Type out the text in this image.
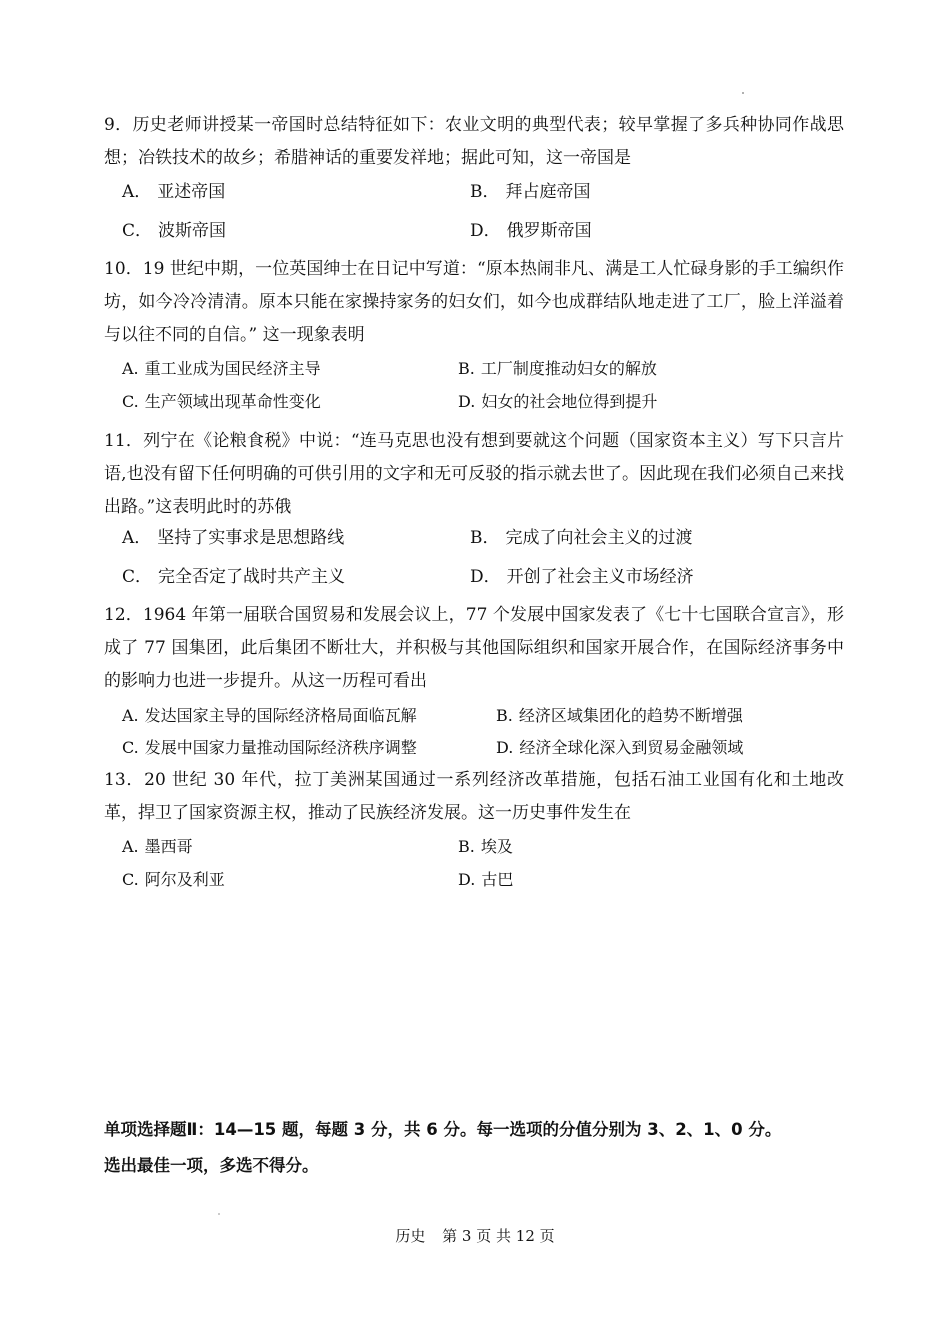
9．历史老师讲授某一帝国时总结特征如下：农业文明的典型代表；较早掌握了多兵种协同作战思想；冶铁技术的故乡；希腊神话的重要发祥地；据此可知，这一帝国是
A． 亚述帝国	B． 拜占庭帝国
C． 波斯帝国	D． 俄罗斯帝国
10．19 世纪中期，一位英国绅士在日记中写道：“原本热闹非凡、满是工人忙碌身影的手工编织作坊，如今冷冷清清。原本只能在家操持家务的妇女们，如今也成群结队地走进了工厂，脸上洋溢着与以往不同的自信。” 这一现象表明
A. 重工业成为国民经济主导	B. 工厂制度推动妇女的解放
C. 生产领域出现革命性变化	D. 妇女的社会地位得到提升
11．列宁在《论粮食税》中说：“连马克思也没有想到要就这个问题（国家资本主义）写下只言片语,也没有留下任何明确的可供引用的文字和无可反驳的指示就去世了。因此现在我们必须自己来找出路。”这表明此时的苏俄
A． 坚持了实事求是思想路线	B． 完成了向社会主义的过渡
C． 完全否定了战时共产主义	D． 开创了社会主义市场经济
12．1964 年第一届联合国贸易和发展会议上，77 个发展中国家发表了《七十七国联合宣言》，形成了 77 国集团，此后集团不断壮大，并积极与其他国际组织和国家开展合作，在国际经济事务中的影响力也进一步提升。从这一历程可看出
A. 发达国家主导的国际经济格局面临瓦解	B. 经济区域集团化的趋势不断增强
C. 发展中国家力量推动国际经济秩序调整	D. 经济全球化深入到贸易金融领域
13．20 世纪 30 年代，拉丁美洲某国通过一系列经济改革措施，包括石油工业国有化和土地改革，捍卫了国家资源主权，推动了民族经济发展。这一历史事件发生在
A. 墨西哥	B. 埃及
C. 阿尔及利亚	D. 古巴
单项选择题Ⅱ：14—15 题，每题 3 分，共 6 分。每一选项的分值分别为 3、2、1、0 分。
选出最佳一项，多选不得分。
历史 第 3 页 共 12 页
